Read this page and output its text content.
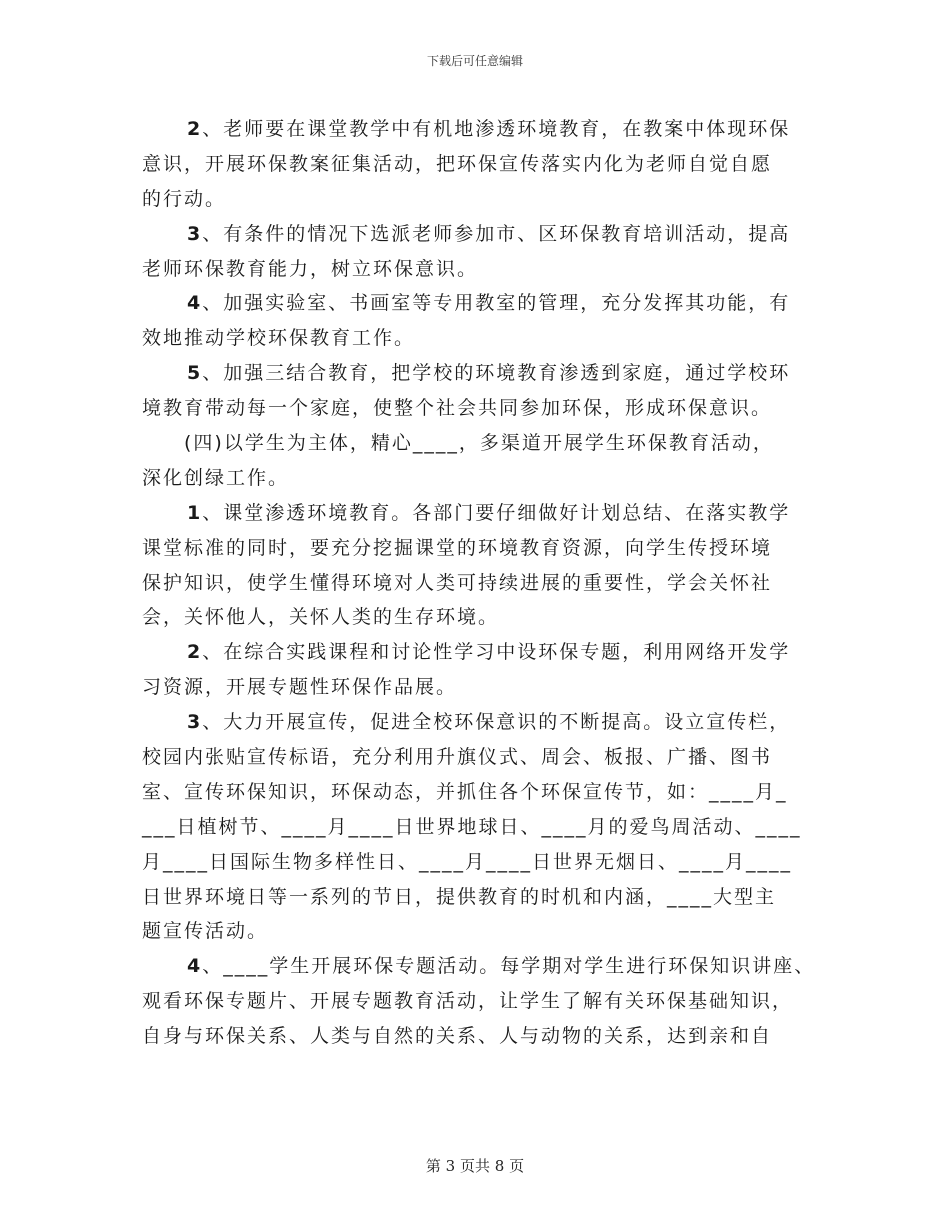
下载后可任意编辑
2、老师要在课堂教学中有机地渗透环境教育，在教案中体现环保
意识，开展环保教案征集活动，把环保宣传落实内化为老师自觉自愿
的行动。
3、有条件的情况下选派老师参加市、区环保教育培训活动，提高
老师环保教育能力，树立环保意识。
4、加强实验室、书画室等专用教室的管理，充分发挥其功能，有
效地推动学校环保教育工作。
5、加强三结合教育，把学校的环境教育渗透到家庭，通过学校环
境教育带动每一个家庭，使整个社会共同参加环保，形成环保意识。
(四)以学生为主体，精心____，多渠道开展学生环保教育活动，
深化创绿工作。
1、课堂渗透环境教育。各部门要仔细做好计划总结、在落实教学
课堂标准的同时，要充分挖掘课堂的环境教育资源，向学生传授环境
保护知识，使学生懂得环境对人类可持续进展的重要性，学会关怀社
会，关怀他人，关怀人类的生存环境。
2、在综合实践课程和讨论性学习中设环保专题，利用网络开发学
习资源，开展专题性环保作品展。
3、大力开展宣传，促进全校环保意识的不断提高。设立宣传栏，
校园内张贴宣传标语，充分利用升旗仪式、周会、板报、广播、图书
室、宣传环保知识，环保动态，并抓住各个环保宣传节，如：____月_
___日植树节、____月____日世界地球日、____月的爱鸟周活动、____
月____日国际生物多样性日、____月____日世界无烟日、____月____
日世界环境日等一系列的节日，提供教育的时机和内涵，____大型主
题宣传活动。
4、____学生开展环保专题活动。每学期对学生进行环保知识讲座、
观看环保专题片、开展专题教育活动，让学生了解有关环保基础知识，
自身与环保关系、人类与自然的关系、人与动物的关系，达到亲和自
第 3 页共 8 页
